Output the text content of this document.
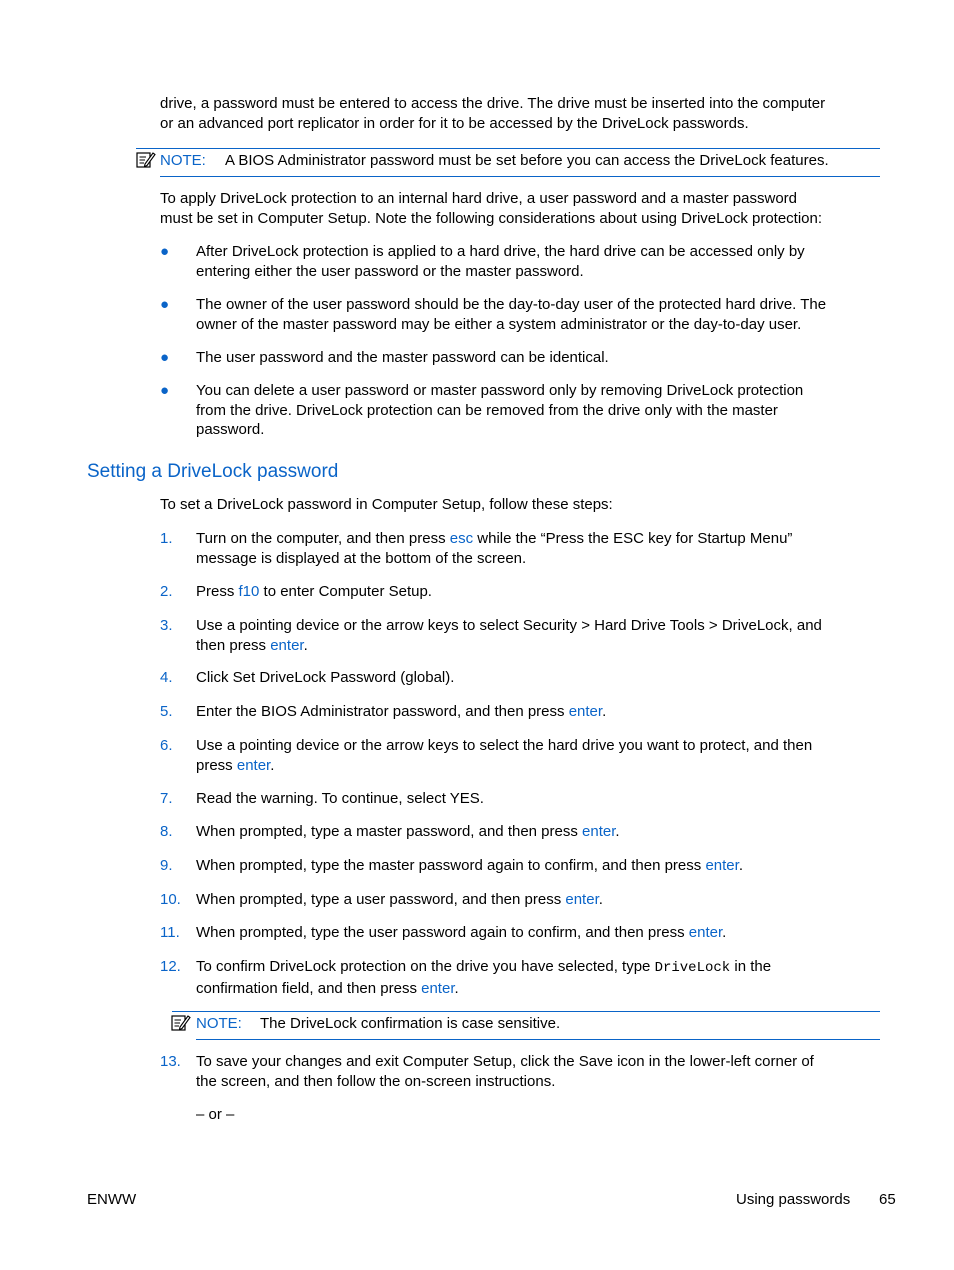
drive, a password must be entered to access the drive. The drive must be inserted into the computer
or an advanced port replicator in order for it to be accessed by the DriveLock passwords.
NOTE: A BIOS Administrator password must be set before you can access the DriveLock features.
To apply DriveLock protection to an internal hard drive, a user password and a master password
must be set in Computer Setup. Note the following considerations about using DriveLock protection:
● After DriveLock protection is applied to a hard drive, the hard drive can be accessed only by
entering either the user password or the master password.
● The owner of the user password should be the day-to-day user of the protected hard drive. The
owner of the master password may be either a system administrator or the day-to-day user.
● The user password and the master password can be identical.
● You can delete a user password or master password only by removing DriveLock protection
from the drive. DriveLock protection can be removed from the drive only with the master
password.
Setting a DriveLock password
To set a DriveLock password in Computer Setup, follow these steps:
1. Turn on the computer, and then press esc while the “Press the ESC key for Startup Menu”
message is displayed at the bottom of the screen.
2. Press f10 to enter Computer Setup.
3. Use a pointing device or the arrow keys to select Security > Hard Drive Tools > DriveLock, and
then press enter.
4. Click Set DriveLock Password (global).
5. Enter the BIOS Administrator password, and then press enter.
6. Use a pointing device or the arrow keys to select the hard drive you want to protect, and then
press enter.
7. Read the warning. To continue, select YES.
8. When prompted, type a master password, and then press enter.
9. When prompted, type the master password again to confirm, and then press enter.
10. When prompted, type a user password, and then press enter.
11. When prompted, type the user password again to confirm, and then press enter.
12. To confirm DriveLock protection on the drive you have selected, type DriveLock in the
confirmation field, and then press enter.
NOTE: The DriveLock confirmation is case sensitive.
13. To save your changes and exit Computer Setup, click the Save icon in the lower-left corner of
the screen, and then follow the on-screen instructions.
– or –
ENWW	Using passwords 65
